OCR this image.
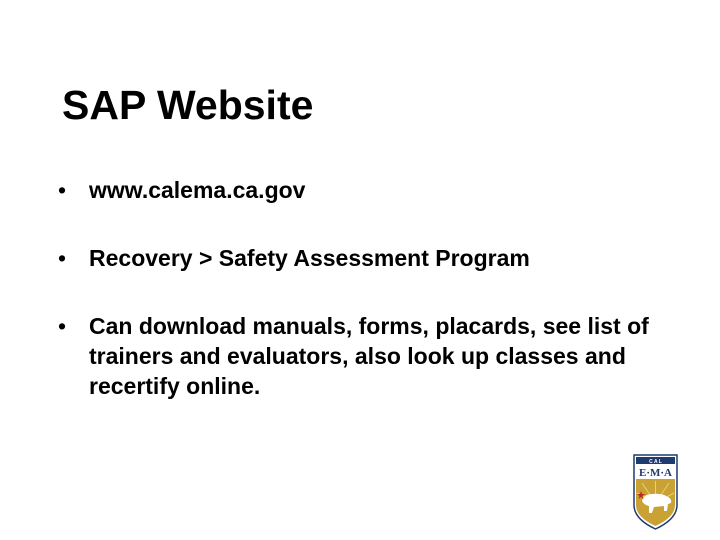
SAP Website
• www.calema.ca.gov
• Recovery > Safety Assessment Program
• Can download manuals, forms, placards, see list of trainers and evaluators, also look up classes and recertify online.
C A L
E·M·A
